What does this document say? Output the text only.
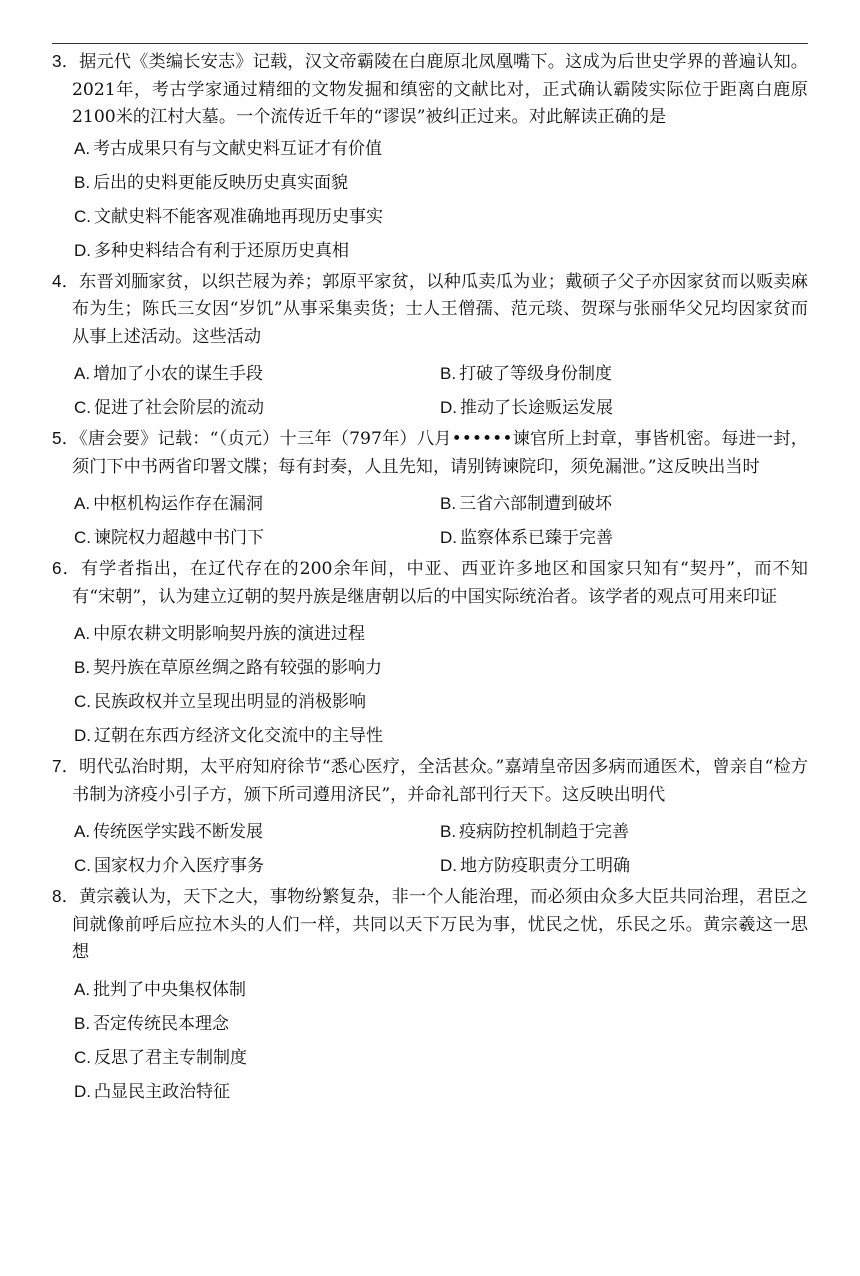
3．据元代《类编长安志》记载，汉文帝霸陵在白鹿原北凤凰嘴下。这成为后世史学界的普遍认知。2021年，考古学家通过精细的文物发掘和缜密的文献比对，正式确认霸陵实际位于距离白鹿原2100米的江村大墓。一个流传近千年的“谬误”被纠正过来。对此解读正确的是

A. 考古成果只有与文献史料互证才有价值

B. 后出的史料更能反映历史真实面貌

C. 文献史料不能客观准确地再现历史事实

D. 多种史料结合有利于还原历史真相

4．东晋刘胹家贫，以织芒屐为养；郭原平家贫，以种瓜卖瓜为业；戴硕子父子亦因家贫而以贩卖麻布为生；陈氏三女因“岁饥”从事采集卖货；士人王僧孺、范元琰、贺琛与张丽华父兄均因家贫而从事上述活动。这些活动

A. 增加了小农的谋生手段	B. 打破了等级身份制度

C. 促进了社会阶层的流动	D. 推动了长途贩运发展

5．《唐会要》记载：“（贞元）十三年（797年）八月••••••谏官所上封章，事皆机密。每进一封，须门下中书两省印署文牒；每有封奏，人且先知，请别铸谏院印，须免漏泄。”这反映出当时

A. 中枢机构运作存在漏洞	B. 三省六部制遭到破坏

C. 谏院权力超越中书门下	D. 监察体系已臻于完善

6．有学者指出，在辽代存在的200余年间，中亚、西亚许多地区和国家只知有“契丹”，而不知有“宋朝”，认为建立辽朝的契丹族是继唐朝以后的中国实际统治者。该学者的观点可用来印证

A. 中原农耕文明影响契丹族的演进过程

B. 契丹族在草原丝绸之路有较强的影响力

C. 民族政权并立呈现出明显的消极影响

D. 辽朝在东西方经济文化交流中的主导性

7．明代弘治时期，太平府知府徐节“悉心医疗，全活甚众。”嘉靖皇帝因多病而通医术，曾亲自“检方书制为济疫小引子方，颁下所司遵用济民”，并命礼部刊行天下。这反映出明代

A. 传统医学实践不断发展	B. 疫病防控机制趋于完善

C. 国家权力介入医疗事务	D. 地方防疫职责分工明确

8．黄宗羲认为，天下之大，事物纷繁复杂，非一个人能治理，而必须由众多大臣共同治理，君臣之间就像前呼后应拉木头的人们一样，共同以天下万民为事，忧民之忧，乐民之乐。黄宗羲这一思想

A. 批判了中央集权体制

B. 否定传统民本理念

C. 反思了君主专制制度

D. 凸显民主政治特征
